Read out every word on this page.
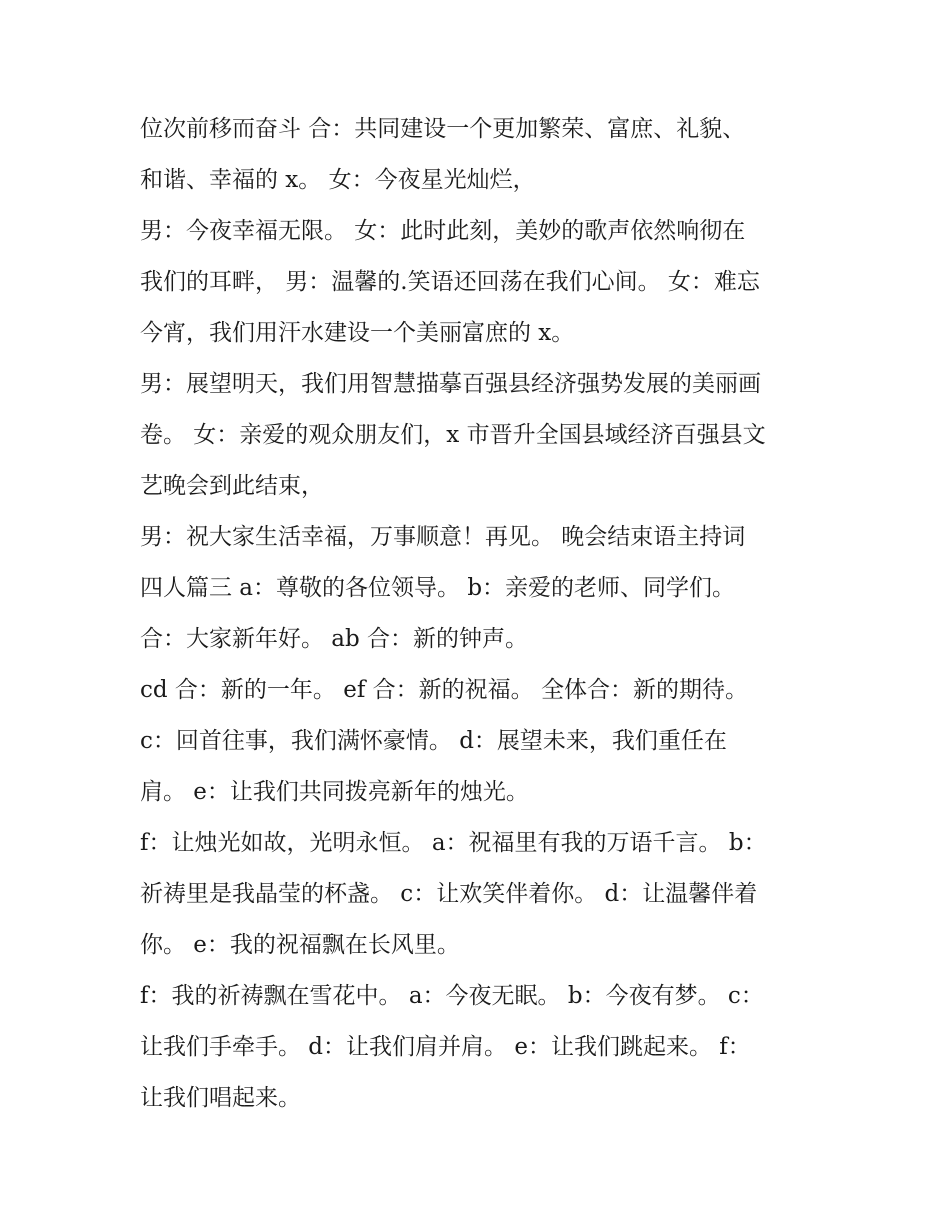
位次前移而奋斗 合：共同建设一个更加繁荣、富庶、礼貌、
和谐、幸福的 x。 女：今夜星光灿烂，
男：今夜幸福无限。 女：此时此刻，美妙的歌声依然响彻在
我们的耳畔， 男：温馨的.笑语还回荡在我们心间。 女：难忘
今宵，我们用汗水建设一个美丽富庶的 x。
男：展望明天，我们用智慧描摹百强县经济强势发展的美丽画
卷。 女：亲爱的观众朋友们，x 市晋升全国县域经济百强县文
艺晚会到此结束，
男：祝大家生活幸福，万事顺意！再见。 晚会结束语主持词
四人篇三 a：尊敬的各位领导。 b：亲爱的老师、同学们。
合：大家新年好。 ab 合：新的钟声。
cd 合：新的一年。 ef 合：新的祝福。 全体合：新的期待。
c：回首往事，我们满怀豪情。 d：展望未来，我们重任在
肩。 e：让我们共同拨亮新年的烛光。
f：让烛光如故，光明永恒。 a：祝福里有我的万语千言。 b：
祈祷里是我晶莹的杯盏。 c：让欢笑伴着你。 d：让温馨伴着
你。 e：我的祝福飘在长风里。
f：我的祈祷飘在雪花中。 a：今夜无眠。 b：今夜有梦。 c：
让我们手牵手。 d：让我们肩并肩。 e：让我们跳起来。 f：
让我们唱起来。
